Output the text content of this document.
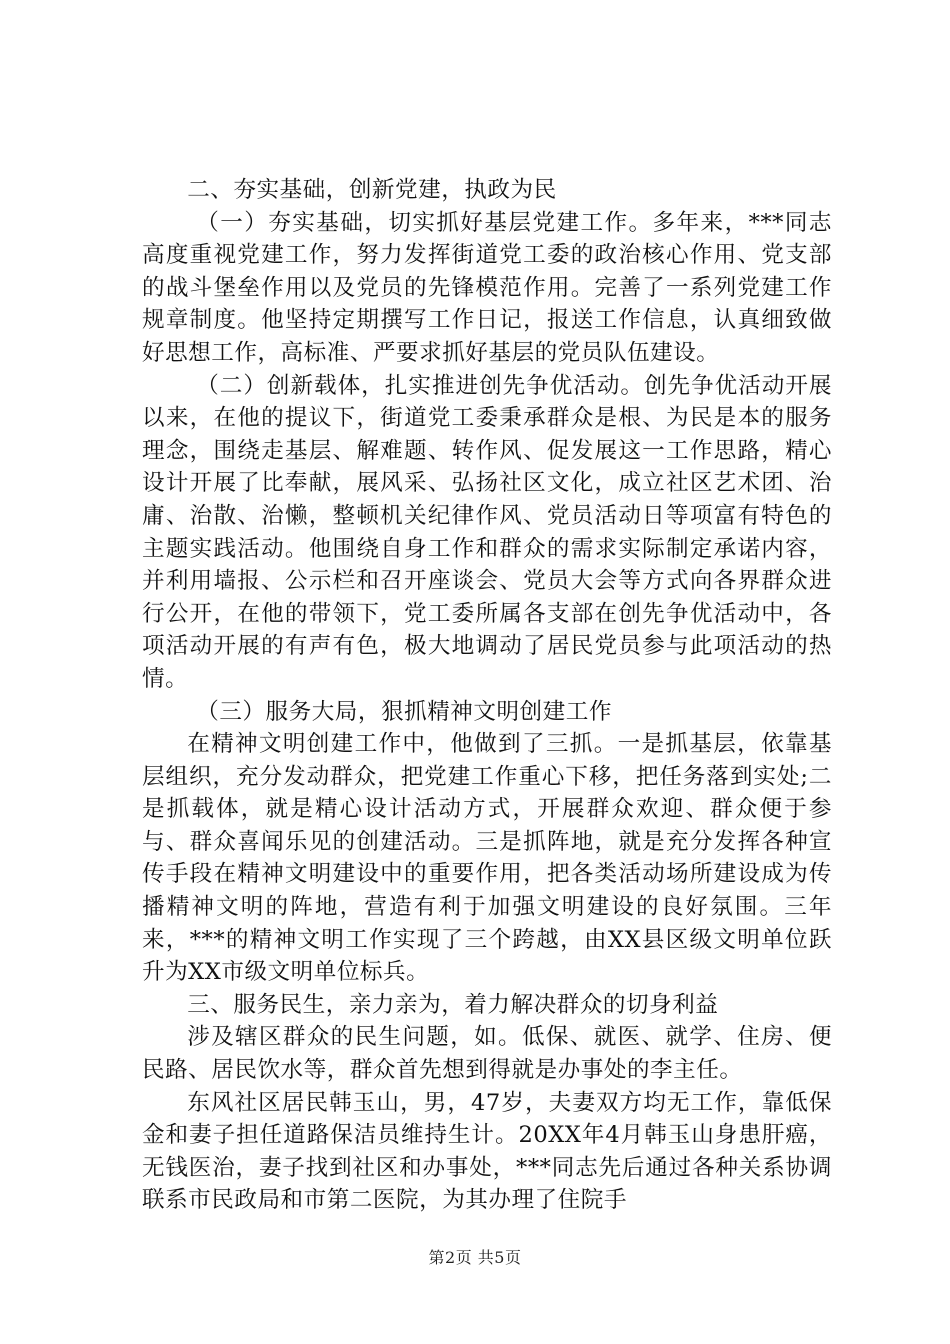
二、夯实基础，创新党建，执政为民

（一）夯实基础，切实抓好基层党建工作。多年来，***同志高度重视党建工作，努力发挥街道党工委的政治核心作用、党支部的战斗堡垒作用以及党员的先锋模范作用。完善了一系列党建工作规章制度。他坚持定期撰写工作日记，报送工作信息，认真细致做好思想工作，高标准、严要求抓好基层的党员队伍建设。

（二）创新载体，扎实推进创先争优活动。创先争优活动开展以来，在他的提议下，街道党工委秉承群众是根、为民是本的服务理念，围绕走基层、解难题、转作风、促发展这一工作思路，精心设计开展了比奉献，展风采、弘扬社区文化，成立社区艺术团、治庸、治散、治懒，整顿机关纪律作风、党员活动日等项富有特色的主题实践活动。他围绕自身工作和群众的需求实际制定承诺内容，并利用墙报、公示栏和召开座谈会、党员大会等方式向各界群众进行公开，在他的带领下，党工委所属各支部在创先争优活动中，各项活动开展的有声有色，极大地调动了居民党员参与此项活动的热情。

（三）服务大局，狠抓精神文明创建工作

在精神文明创建工作中，他做到了三抓。一是抓基层，依靠基层组织，充分发动群众，把党建工作重心下移，把任务落到实处;二是抓载体，就是精心设计活动方式，开展群众欢迎、群众便于参与、群众喜闻乐见的创建活动。三是抓阵地，就是充分发挥各种宣传手段在精神文明建设中的重要作用，把各类活动场所建设成为传播精神文明的阵地，营造有利于加强文明建设的良好氛围。三年来，***的精神文明工作实现了三个跨越，由XX县区级文明单位跃升为XX市级文明单位标兵。

三、服务民生，亲力亲为，着力解决群众的切身利益

涉及辖区群众的民生问题，如。低保、就医、就学、住房、便民路、居民饮水等，群众首先想到得就是办事处的李主任。

东风社区居民韩玉山，男，47岁，夫妻双方均无工作，靠低保金和妻子担任道路保洁员维持生计。20XX年4月韩玉山身患肝癌，无钱医治，妻子找到社区和办事处，***同志先后通过各种关系协调联系市民政局和市第二医院，为其办理了住院手

第2页 共5页
